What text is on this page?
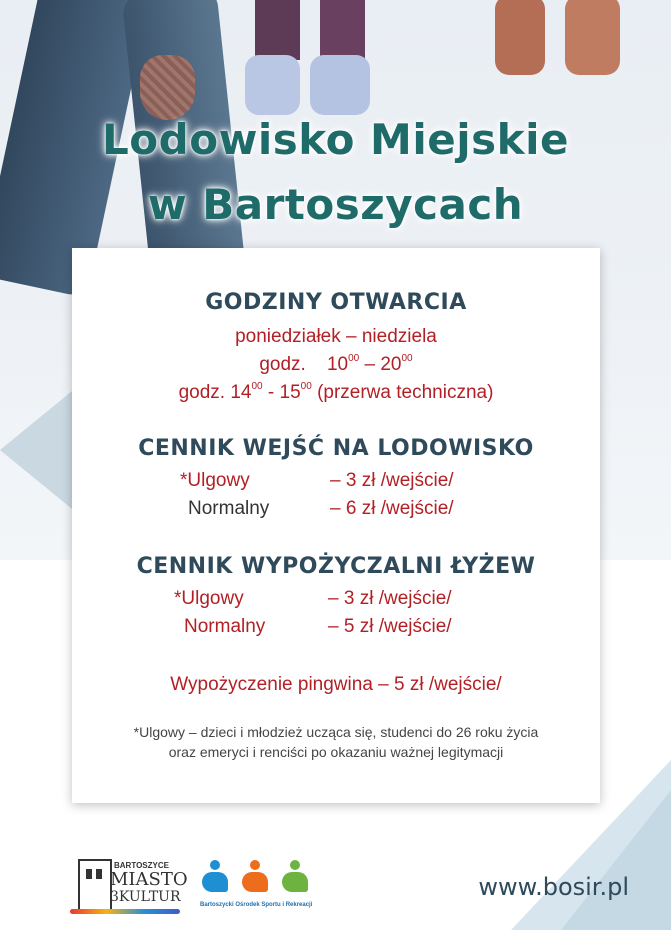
Lodowisko Miejskie
w Bartoszycach
GODZINY OTWARCIA
poniedziałek – niedziela
godz. $10^{00} - 20^{00}$
godz. $14^{00} - 15^{00}$ (przerwa techniczna)
CENNIK WEJŚĆ NA LODOWISKO
*Ulgowy	– 3 zł /wejście/
Normalny	– 6 zł /wejście/
CENNIK WYPOŻYCZALNI ŁYŻEW
*Ulgowy	– 3 zł /wejście/
Normalny	– 5 zł /wejście/
Wypożyczenie pingwina – 5 zł /wejście/
*Ulgowy – dzieci i młodzież ucząca się, studenci do 26 roku życia
oraz emeryci i renciści po okazaniu ważnej legitymacji
BARTOSZYCE
MIASTO
3KULTUR	Bartoszycki Ośrodek Sportu i Rekreacji
www.bosir.pl
